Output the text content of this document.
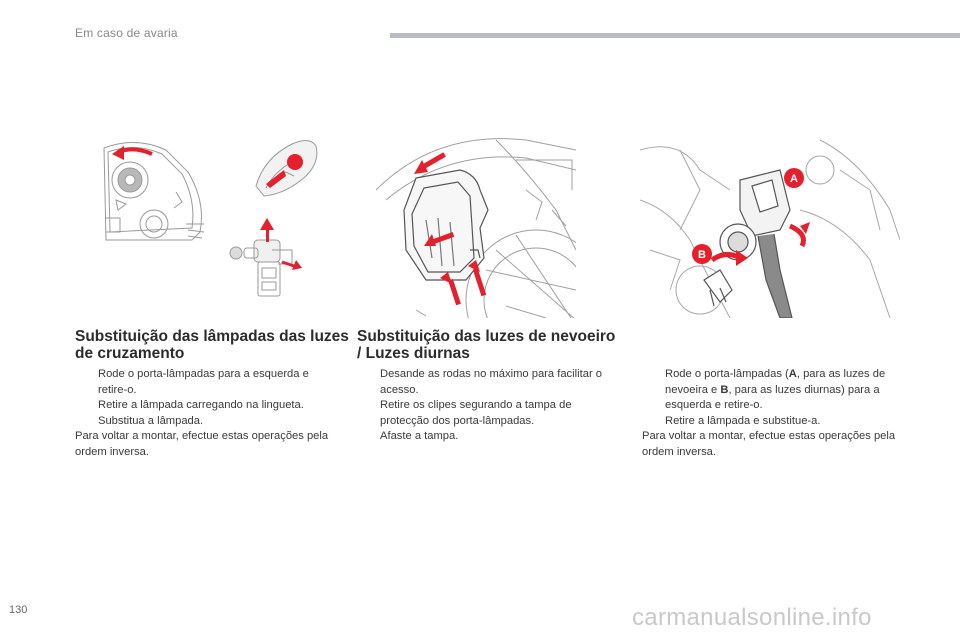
Em caso de avaria
A
B
Substituição das lâmpadas das luzes de cruzamento
Rode o porta-lâmpadas para a esquerda e retire-o.
Retire a lâmpada carregando na lingueta.
Substitua a lâmpada.
Para voltar a montar, efectue estas operações pela ordem inversa.
Substituição das luzes de nevoeiro / Luzes diurnas
Desande as rodas no máximo para facilitar o acesso.
Retire os clipes segurando a tampa de protecção dos porta-lâmpadas.
Afaste a tampa.
Rode o porta-lâmpadas (A, para as luzes de nevoeira e B, para as luzes diurnas) para a esquerda e retire-o.
Retire a lâmpada e substitue-a.
Para voltar a montar, efectue estas operações pela ordem inversa.
130	carmanualsonline.info
